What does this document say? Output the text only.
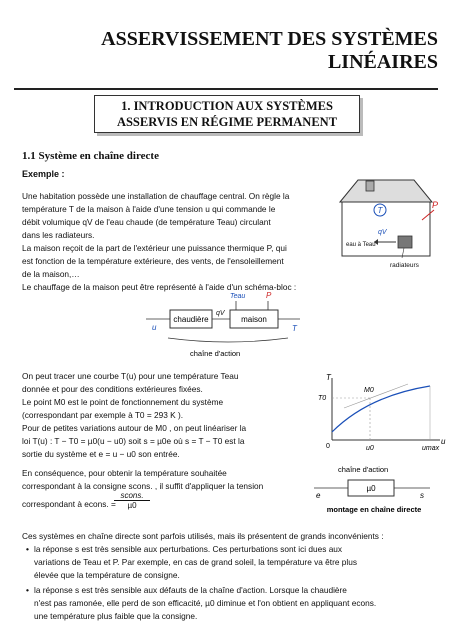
ASSERVISSEMENT DES SYSTÈMES
LINÉAIRES
1. INTRODUCTION AUX SYSTÈMES
ASSERVIS EN RÉGIME PERMANENT
1.1 Système en chaîne directe
Exemple :
Une habitation possède une installation de chauffage central. On règle la
température T de la maison à l'aide d'une tension u qui commande le
débit volumique qV de l'eau chaude (de température Teau) circulant
dans les radiateurs.
La maison reçoit de la part de l'extérieur une puissance thermique P, qui
est fonction de la température extérieure, des vents, de l'ensoleillement
de la maison,…
Le chauffage de la maison peut être représenté à l'aide d'un schéma-bloc :
T
P
qV
eau à Teau
radiateurs
Teau	P
chaudière	maison
u
qV
T
chaîne d'action
On peut tracer une courbe T(u) pour une température Teau
donnée et pour des conditions extérieures fixées.
Le point M0 est le point de fonctionnement du système
(correspondant par exemple à T0 = 293 K ).
Pour de petites variations autour de M0 , on peut linéariser la
loi T(u) : T − T0 = µ0(u − u0) soit s = µ0e où s = T − T0 est la
sortie du système et e = u − u0 son entrée.
T
T0
M0
0	u0	umax
u
En conséquence, pour obtenir la température souhaitée
correspondant à la consigne scons. , il suffit d'appliquer la tension
correspondant à econs. =
scons.
µ0
chaîne d'action
µ0
e	s
montage en chaîne directe
Ces systèmes en chaîne directe sont parfois utilisés, mais ils présentent de grands inconvénients :
• la réponse s est très sensible aux perturbations. Ces perturbations sont ici dues aux
variations de Teau et P. Par exemple, en cas de grand soleil, la température va être plus
élevée que la température de consigne.
• la réponse s est très sensible aux défauts de la chaîne d'action. Lorsque la chaudière
n'est pas ramonée, elle perd de son efficacité, µ0 diminue et l'on obtient en appliquant econs.
une température plus faible que la consigne.
